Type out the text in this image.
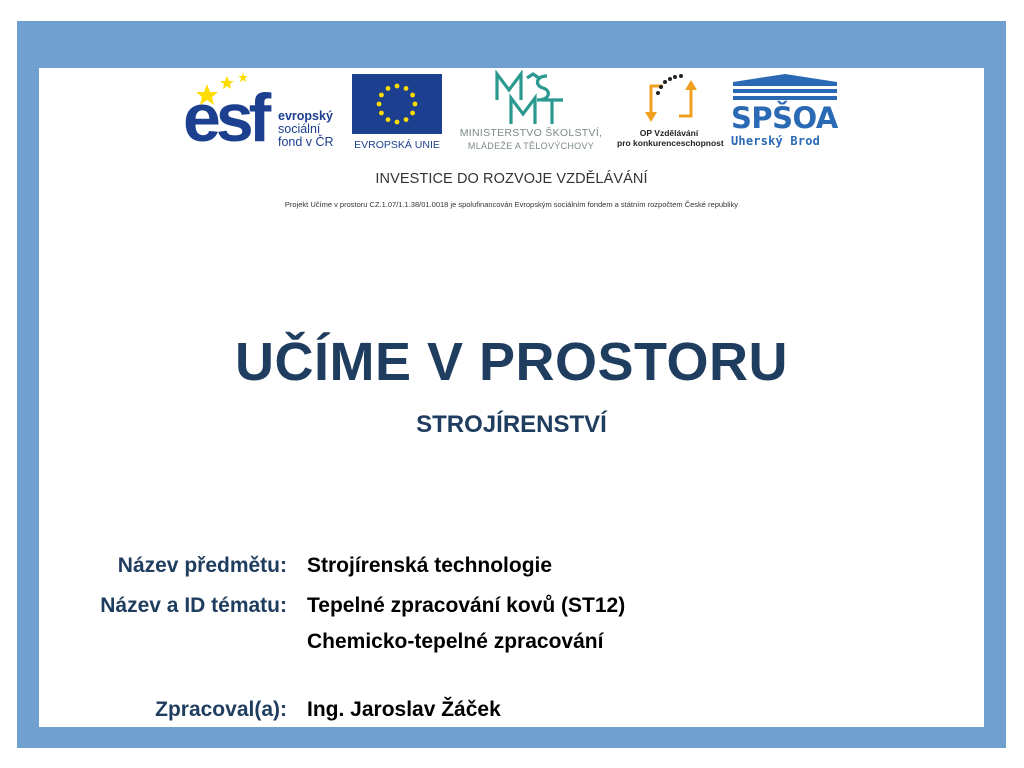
esf evropský
sociální
fond v ČR	EVROPSKÁ UNIE
MINISTERSTVO ŠKOLSTVÍ,
MLÁDEŽE A TĚLOVÝCHOVY
OP Vzdělávání
pro konkurenceschopnost
SPŠOA
Uherský Brod
INVESTICE DO ROZVOJE VZDĚLÁVÁNÍ
Projekt Učíme v prostoru CZ.1.07/1.1.38/01.0018 je spolufinancován Evropským sociálním fondem a státním rozpočtem České republiky
UČÍME V PROSTORU
STROJÍRENSTVÍ
Název předmětu: Strojírenská technologie
Název a ID tématu: Tepelné zpracování kovů (ST12)
Chemicko-tepelné zpracování
Zpracoval(a): Ing. Jaroslav Žáček
